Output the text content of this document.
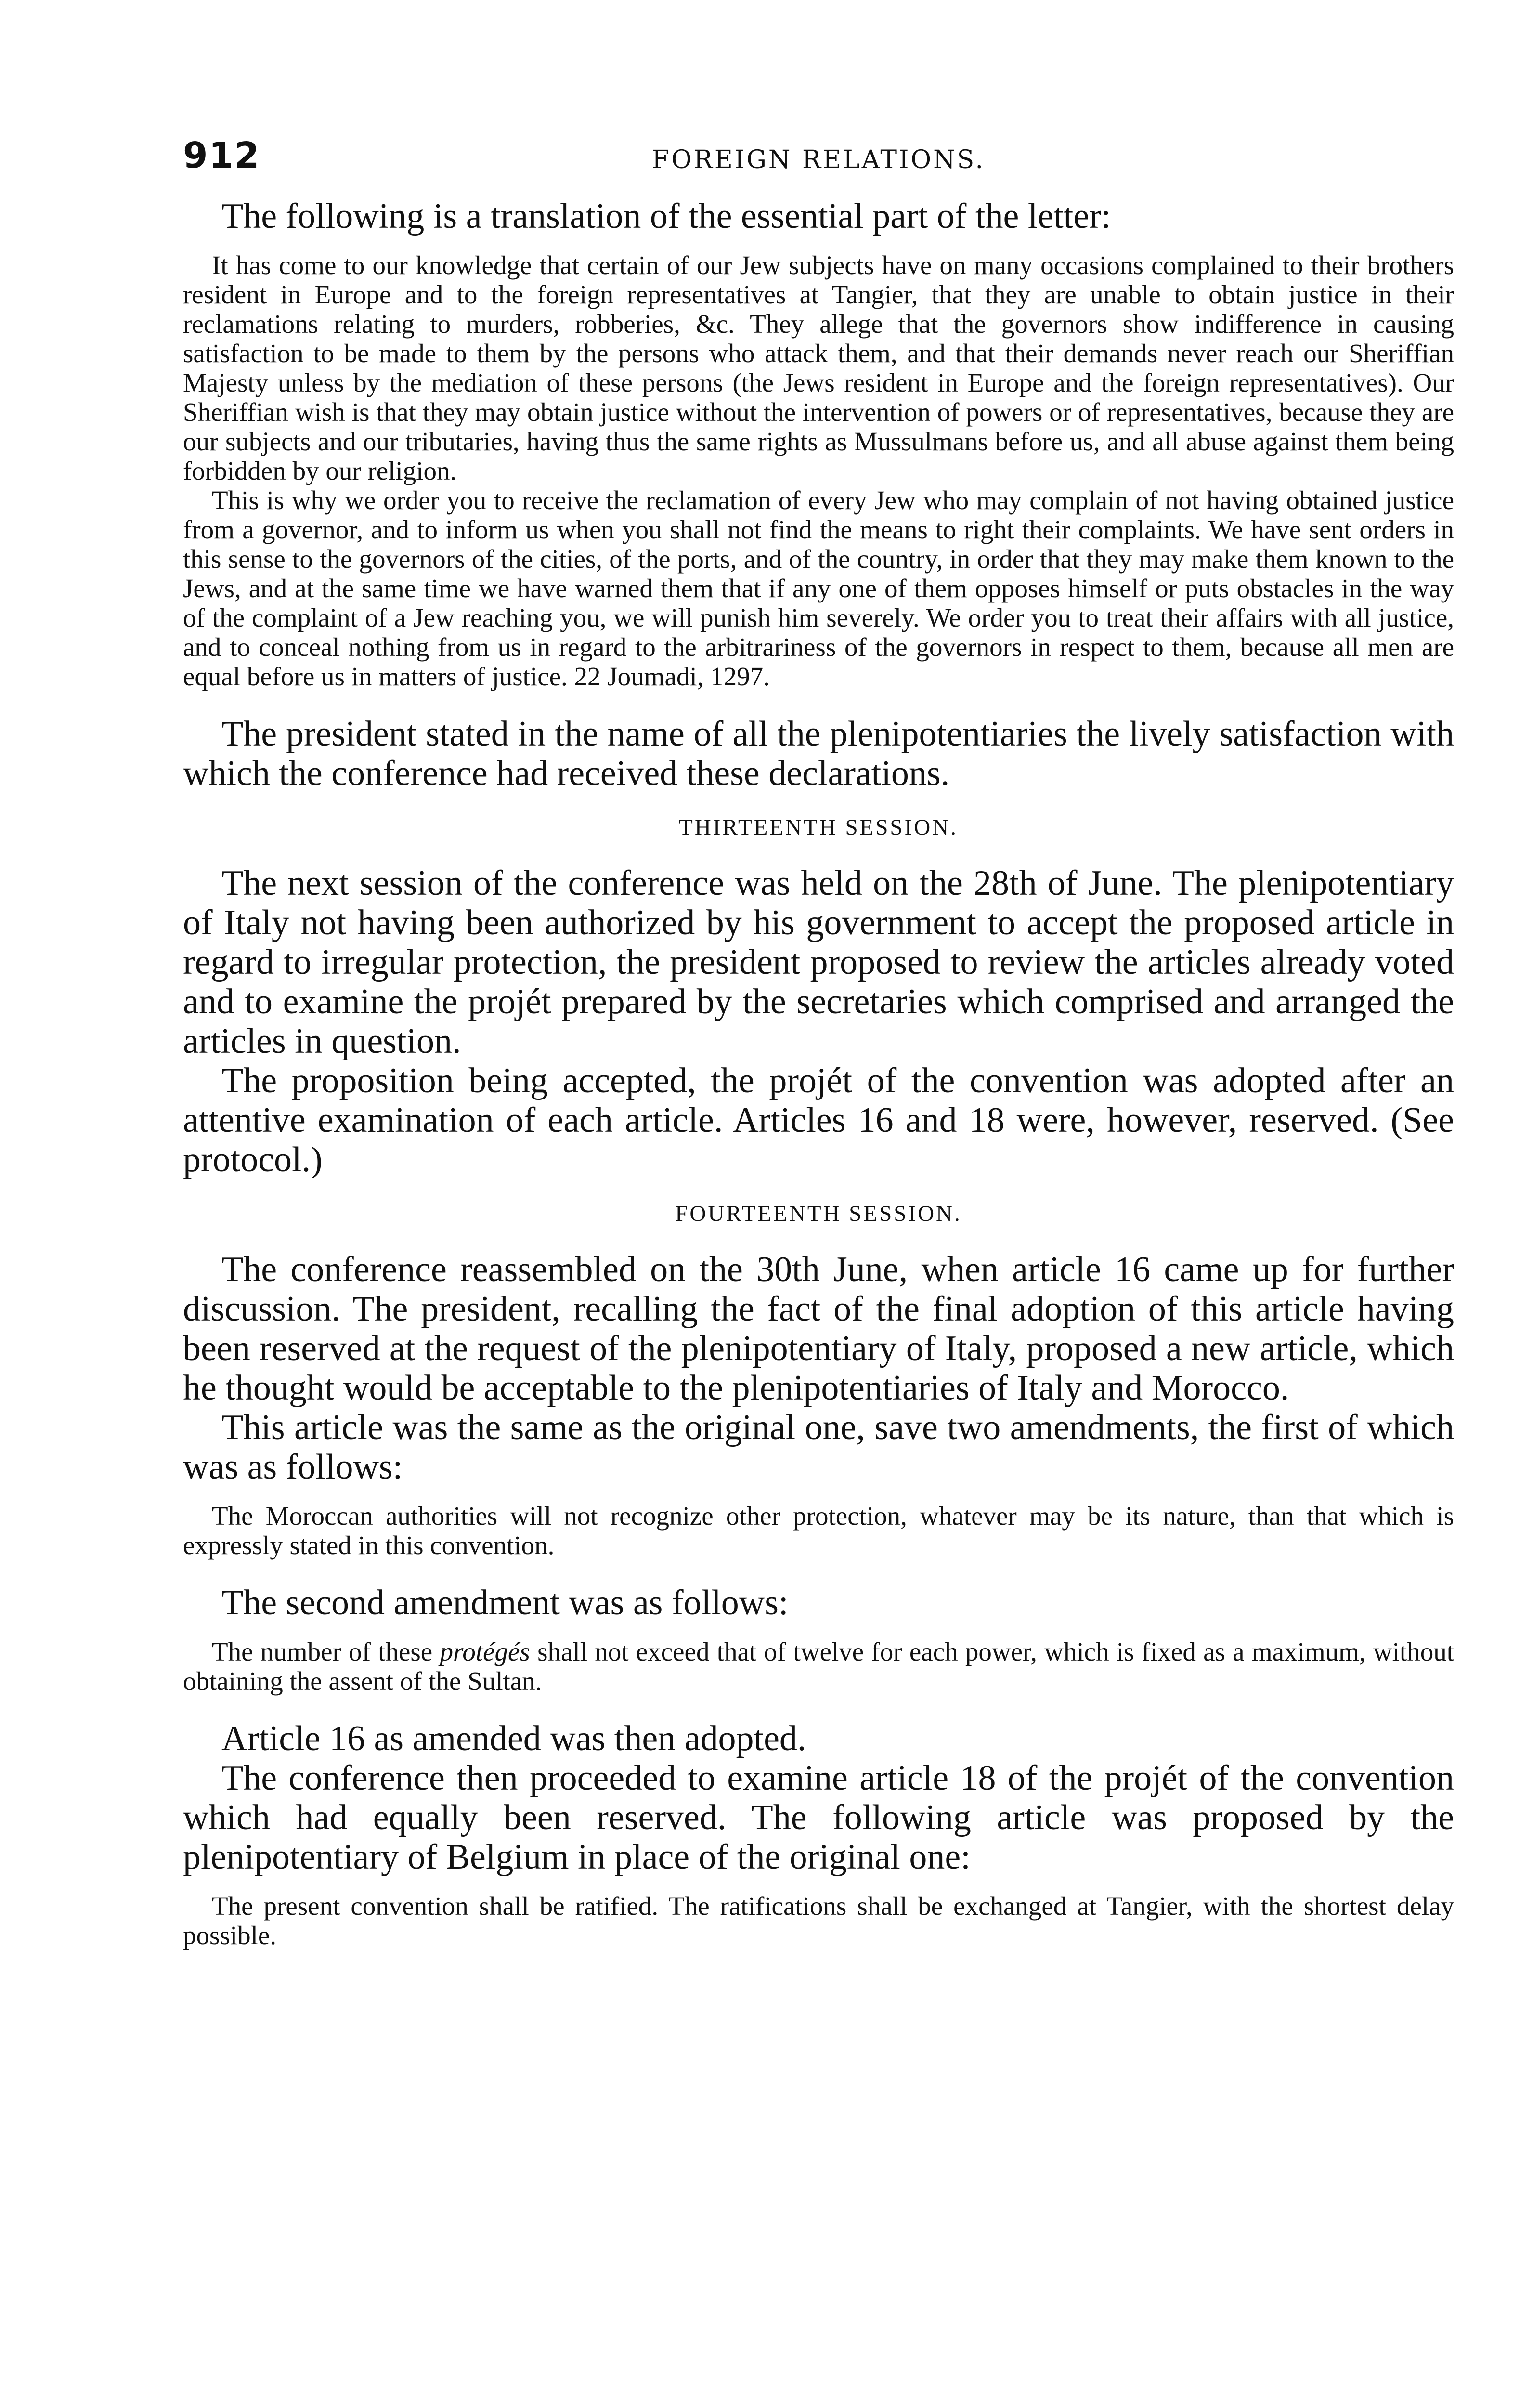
912	FOREIGN RELATIONS.

The following is a translation of the essential part of the letter:

It has come to our knowledge that certain of our Jew subjects have on many occasions complained to their brothers resident in Europe and to the foreign representatives at Tangier, that they are unable to obtain justice in their reclamations relating to murders, robberies, &c. They allege that the governors show indifference in causing satisfaction to be made to them by the persons who attack them, and that their demands never reach our Sheriffian Majesty unless by the mediation of these persons (the Jews resident in Europe and the foreign representatives). Our Sheriffian wish is that they may obtain justice without the intervention of powers or of representatives, because they are our subjects and our tributaries, having thus the same rights as Mussulmans before us, and all abuse against them being forbidden by our religion.

This is why we order you to receive the reclamation of every Jew who may complain of not having obtained justice from a governor, and to inform us when you shall not find the means to right their complaints. We have sent orders in this sense to the governors of the cities, of the ports, and of the country, in order that they may make them known to the Jews, and at the same time we have warned them that if any one of them opposes himself or puts obstacles in the way of the complaint of a Jew reaching you, we will punish him severely. We order you to treat their affairs with all justice, and to conceal nothing from us in regard to the arbitrariness of the governors in respect to them, because all men are equal before us in matters of justice. 22 Joumadi, 1297.

The president stated in the name of all the plenipotentiaries the lively satisfaction with which the conference had received these declarations.

THIRTEENTH SESSION.

The next session of the conference was held on the 28th of June. The plenipotentiary of Italy not having been authorized by his government to accept the proposed article in regard to irregular protection, the president proposed to review the articles already voted and to examine the projét prepared by the secretaries which comprised and arranged the articles in question.

The proposition being accepted, the projét of the convention was adopted after an attentive examination of each article. Articles 16 and 18 were, however, reserved. (See protocol.)

FOURTEENTH SESSION.

The conference reassembled on the 30th June, when article 16 came up for further discussion. The president, recalling the fact of the final adoption of this article having been reserved at the request of the plenipotentiary of Italy, proposed a new article, which he thought would be acceptable to the plenipotentiaries of Italy and Morocco.

This article was the same as the original one, save two amendments, the first of which was as follows:

The Moroccan authorities will not recognize other protection, whatever may be its nature, than that which is expressly stated in this convention.

The second amendment was as follows:

The number of these protégés shall not exceed that of twelve for each power, which is fixed as a maximum, without obtaining the assent of the Sultan.

Article 16 as amended was then adopted.

The conference then proceeded to examine article 18 of the projét of the convention which had equally been reserved. The following article was proposed by the plenipotentiary of Belgium in place of the original one:

The present convention shall be ratified. The ratifications shall be exchanged at Tangier, with the shortest delay possible.
